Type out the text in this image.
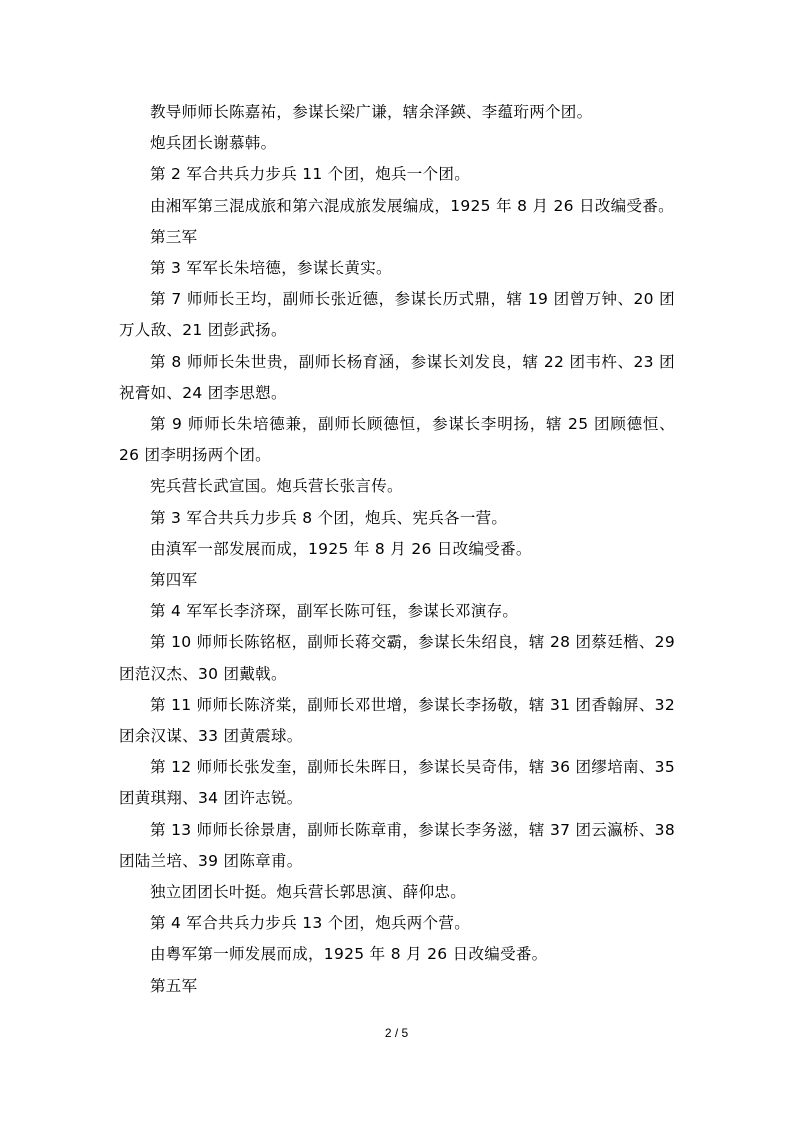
教导师师长陈嘉祐，参谋长梁广谦，辖余泽鍈、李蕴珩两个团。

炮兵团长谢慕韩。

第 2 军合共兵力步兵 11 个团，炮兵一个团。

由湘军第三混成旅和第六混成旅发展编成，1925 年 8 月 26 日改编受番。

第三军

第 3 军军长朱培德，参谋长黄实。

第 7 师师长王均，副师长张近德，参谋长历式鼎，辖 19 团曾万钟、20 团万人敌、21 团彭武扬。

第 8 师师长朱世贵，副师长杨育涵，参谋长刘发良，辖 22 团韦杵、23 团祝膏如、24 团李思愬。

第 9 师师长朱培德兼，副师长顾德恒，参谋长李明扬，辖 25 团顾德恒、26 团李明扬两个团。

宪兵营长武宣国。炮兵营长张言传。

第 3 军合共兵力步兵 8 个团，炮兵、宪兵各一营。

由滇军一部发展而成，1925 年 8 月 26 日改编受番。

第四军

第 4 军军长李济琛，副军长陈可钰，参谋长邓演存。

第 10 师师长陈铭枢，副师长蒋交霸，参谋长朱绍良，辖 28 团蔡廷楷、29 团范汉杰、30 团戴戟。

第 11 师师长陈济棠，副师长邓世增，参谋长李扬敬，辖 31 团香翰屏、32 团余汉谋、33 团黄震球。

第 12 师师长张发奎，副师长朱晖日，参谋长吴奇伟，辖 36 团缪培南、35 团黄琪翔、34 团许志锐。

第 13 师师长徐景唐，副师长陈章甫，参谋长李务滋，辖 37 团云瀛桥、38 团陆兰培、39 团陈章甫。

独立团团长叶挺。炮兵营长郭思演、薛仰忠。

第 4 军合共兵力步兵 13 个团，炮兵两个营。

由粤军第一师发展而成，1925 年 8 月 26 日改编受番。

第五军

2 / 5
